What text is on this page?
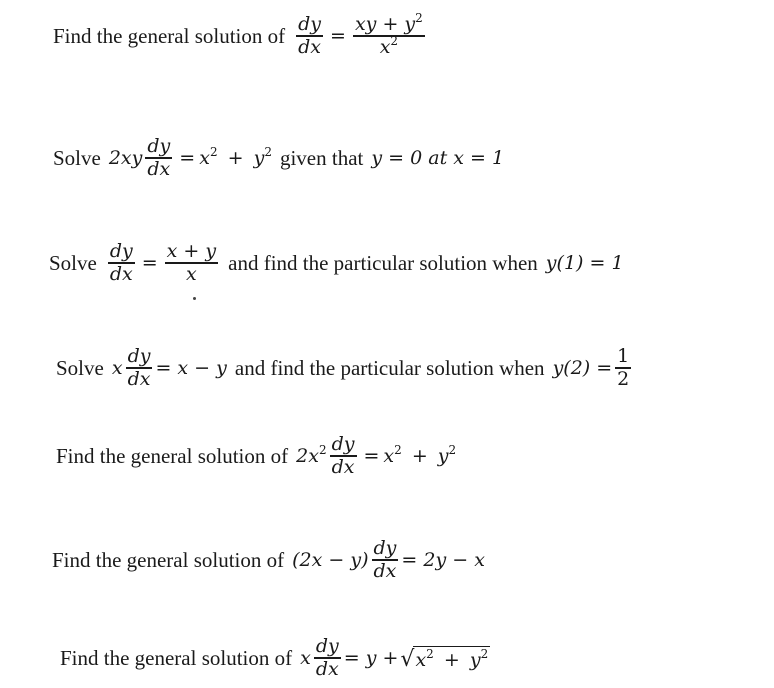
Find the general solution of $\frac{dy}{dx} = \frac{xy + y^2}{x^2}$
Solve $2xy \frac{dy}{dx} = x^2 + y^2$ given that y = 0 at x = 1
Solve $\frac{dy}{dx} = \frac{x + y}{x}$ and find the particular solution when y(1) = 1
Solve x $\frac{dy}{dx} = x - y$ and find the particular solution when $y(2) = \frac{1}{2}$
Find the general solution of $2x^2 \frac{dy}{dx} = x^2 + y^2$
Find the general solution of $(2x - y) \frac{dy}{dx} = 2y - x$
Find the general solution of x $\frac{dy}{dx} = y$ + √ $x^2 + y^2$
